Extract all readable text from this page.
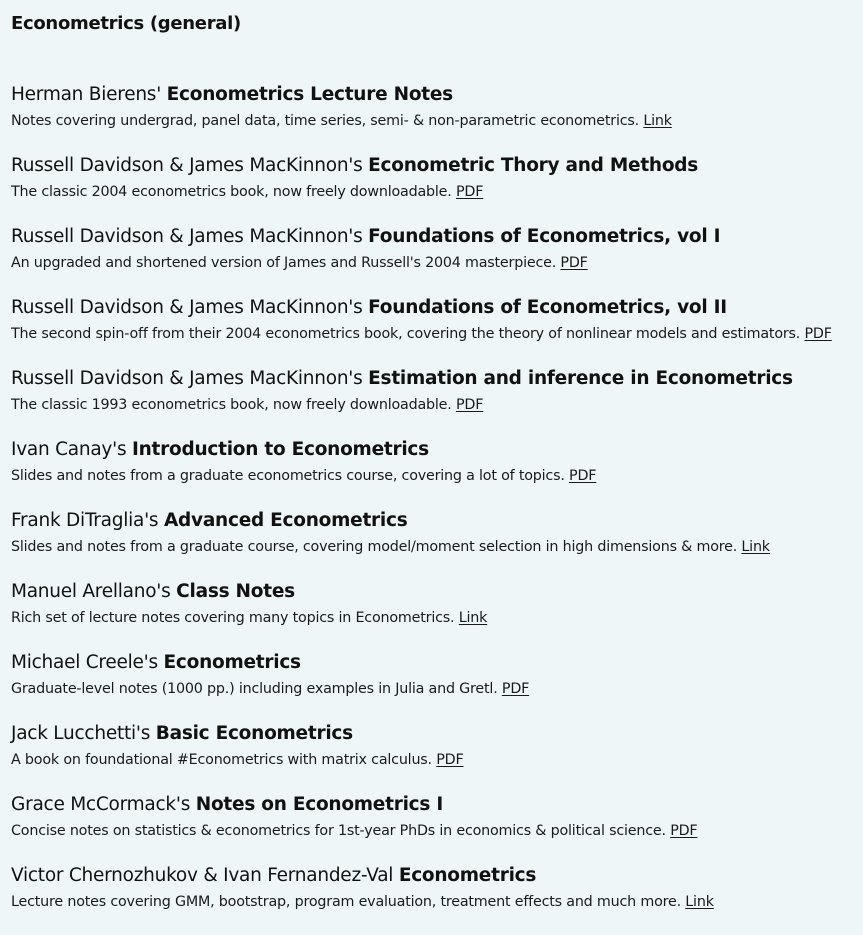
Econometrics (general)
Herman Bierens' Econometrics Lecture Notes
Notes covering undergrad, panel data, time series, semi- & non-parametric econometrics. Link
Russell Davidson & James MacKinnon's Econometric Thory and Methods
The classic 2004 econometrics book, now freely downloadable. PDF
Russell Davidson & James MacKinnon's Foundations of Econometrics, vol I
An upgraded and shortened version of James and Russell's 2004 masterpiece. PDF
Russell Davidson & James MacKinnon's Foundations of Econometrics, vol II
The second spin-off from their 2004 econometrics book, covering the theory of nonlinear models and estimators. PDF
Russell Davidson & James MacKinnon's Estimation and inference in Econometrics
The classic 1993 econometrics book, now freely downloadable. PDF
Ivan Canay's Introduction to Econometrics
Slides and notes from a graduate econometrics course, covering a lot of topics. PDF
Frank DiTraglia's Advanced Econometrics
Slides and notes from a graduate course, covering model/moment selection in high dimensions & more. Link
Manuel Arellano's Class Notes
Rich set of lecture notes covering many topics in Econometrics. Link
Michael Creele's Econometrics
Graduate-level notes (1000 pp.) including examples in Julia and Gretl. PDF
Jack Lucchetti's Basic Econometrics
A book on foundational #Econometrics with matrix calculus. PDF
Grace McCormack's Notes on Econometrics I
Concise notes on statistics & econometrics for 1st-year PhDs in economics & political science. PDF
Victor Chernozhukov & Ivan Fernandez-Val Econometrics
Lecture notes covering GMM, bootstrap, program evaluation, treatment effects and much more. Link
